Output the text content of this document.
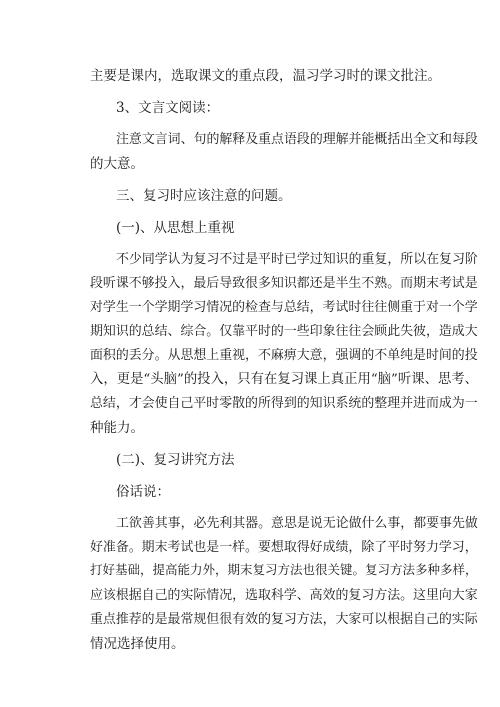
主要是课内，选取课文的重点段，温习学习时的课文批注。
3、文言文阅读：
注意文言词、句的解释及重点语段的理解并能概括出全文和每段
的大意。
三、复习时应该注意的问题。
(一)、从思想上重视
不少同学认为复习不过是平时已学过知识的重复，所以在复习阶
段听课不够投入，最后导致很多知识都还是半生不熟。而期末考试是
对学生一个学期学习情况的检查与总结，考试时往往侧重于对一个学
期知识的总结、综合。仅靠平时的一些印象往往会顾此失彼，造成大
面积的丢分。从思想上重视，不麻痹大意，强调的不单纯是时间的投
入，更是“头脑”的投入，只有在复习课上真正用“脑”听课、思考、
总结，才会使自己平时零散的所得到的知识系统的整理并进而成为一
种能力。
(二)、复习讲究方法
俗话说：
工欲善其事，必先利其器。意思是说无论做什么事，都要事先做
好准备。期末考试也是一样。要想取得好成绩，除了平时努力学习，
打好基础，提高能力外，期末复习方法也很关键。复习方法多种多样，
应该根据自己的实际情况，选取科学、高效的复习方法。这里向大家
重点推荐的是最常规但很有效的复习方法，大家可以根据自己的实际
情况选择使用。
